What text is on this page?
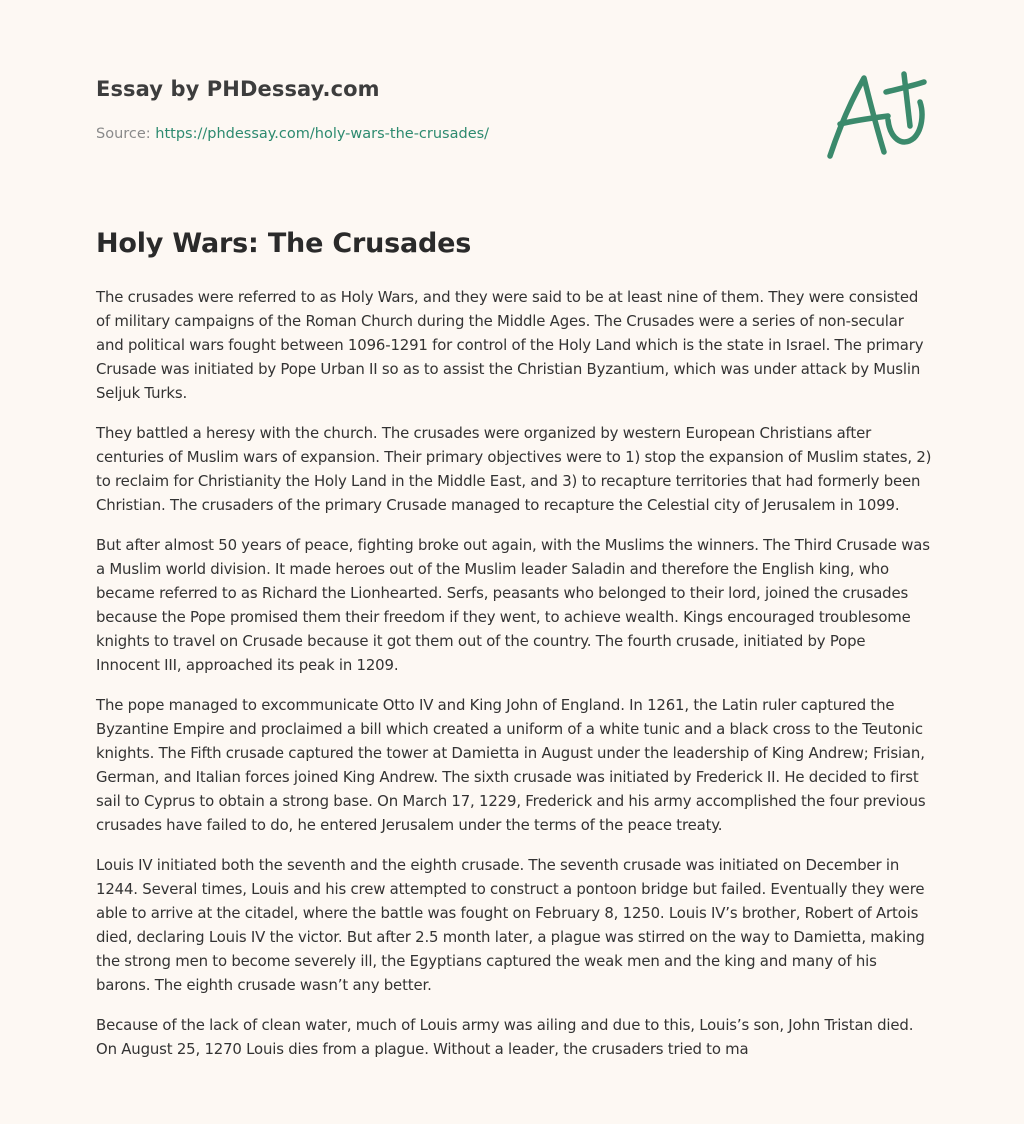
Essay by PHDessay.com
Source: https://phdessay.com/holy-wars-the-crusades/
Holy Wars: The Crusades

The crusades were referred to as Holy Wars, and they were said to be at least nine of them. They were consisted of military campaigns of the Roman Church during the Middle Ages. The Crusades were a series of non-secular and political wars fought between 1096-1291 for control of the Holy Land which is the state in Israel. The primary Crusade was initiated by Pope Urban II so as to assist the Christian Byzantium, which was under attack by Muslin Seljuk Turks.

They battled a heresy with the church. The crusades were organized by western European Christians after centuries of Muslim wars of expansion. Their primary objectives were to 1) stop the expansion of Muslim states, 2) to reclaim for Christianity the Holy Land in the Middle East, and 3) to recapture territories that had formerly been Christian. The crusaders of the primary Crusade managed to recapture the Celestial city of Jerusalem in 1099.

But after almost 50 years of peace, fighting broke out again, with the Muslims the winners. The Third Crusade was a Muslim world division. It made heroes out of the Muslim leader Saladin and therefore the English king, who became referred to as Richard the Lionhearted. Serfs, peasants who belonged to their lord, joined the crusades because the Pope promised them their freedom if they went, to achieve wealth. Kings encouraged troublesome knights to travel on Crusade because it got them out of the country. The fourth crusade, initiated by Pope Innocent III, approached its peak in 1209.

The pope managed to excommunicate Otto IV and King John of England. In 1261, the Latin ruler captured the Byzantine Empire and proclaimed a bill which created a uniform of a white tunic and a black cross to the Teutonic knights. The Fifth crusade captured the tower at Damietta in August under the leadership of King Andrew; Frisian, German, and Italian forces joined King Andrew. The sixth crusade was initiated by Frederick II. He decided to first sail to Cyprus to obtain a strong base. On March 17, 1229, Frederick and his army accomplished the four previous crusades have failed to do, he entered Jerusalem under the terms of the peace treaty.

Louis IV initiated both the seventh and the eighth crusade. The seventh crusade was initiated on December in 1244. Several times, Louis and his crew attempted to construct a pontoon bridge but failed. Eventually they were able to arrive at the citadel, where the battle was fought on February 8, 1250. Louis IV’s brother, Robert of Artois died, declaring Louis IV the victor. But after 2.5 month later, a plague was stirred on the way to Damietta, making the strong men to become severely ill, the Egyptians captured the weak men and the king and many of his barons. The eighth crusade wasn’t any better.

Because of the lack of clean water, much of Louis army was ailing and due to this, Louis’s son, John Tristan died. On August 25, 1270 Louis dies from a plague. Without a leader, the crusaders tried to ma
